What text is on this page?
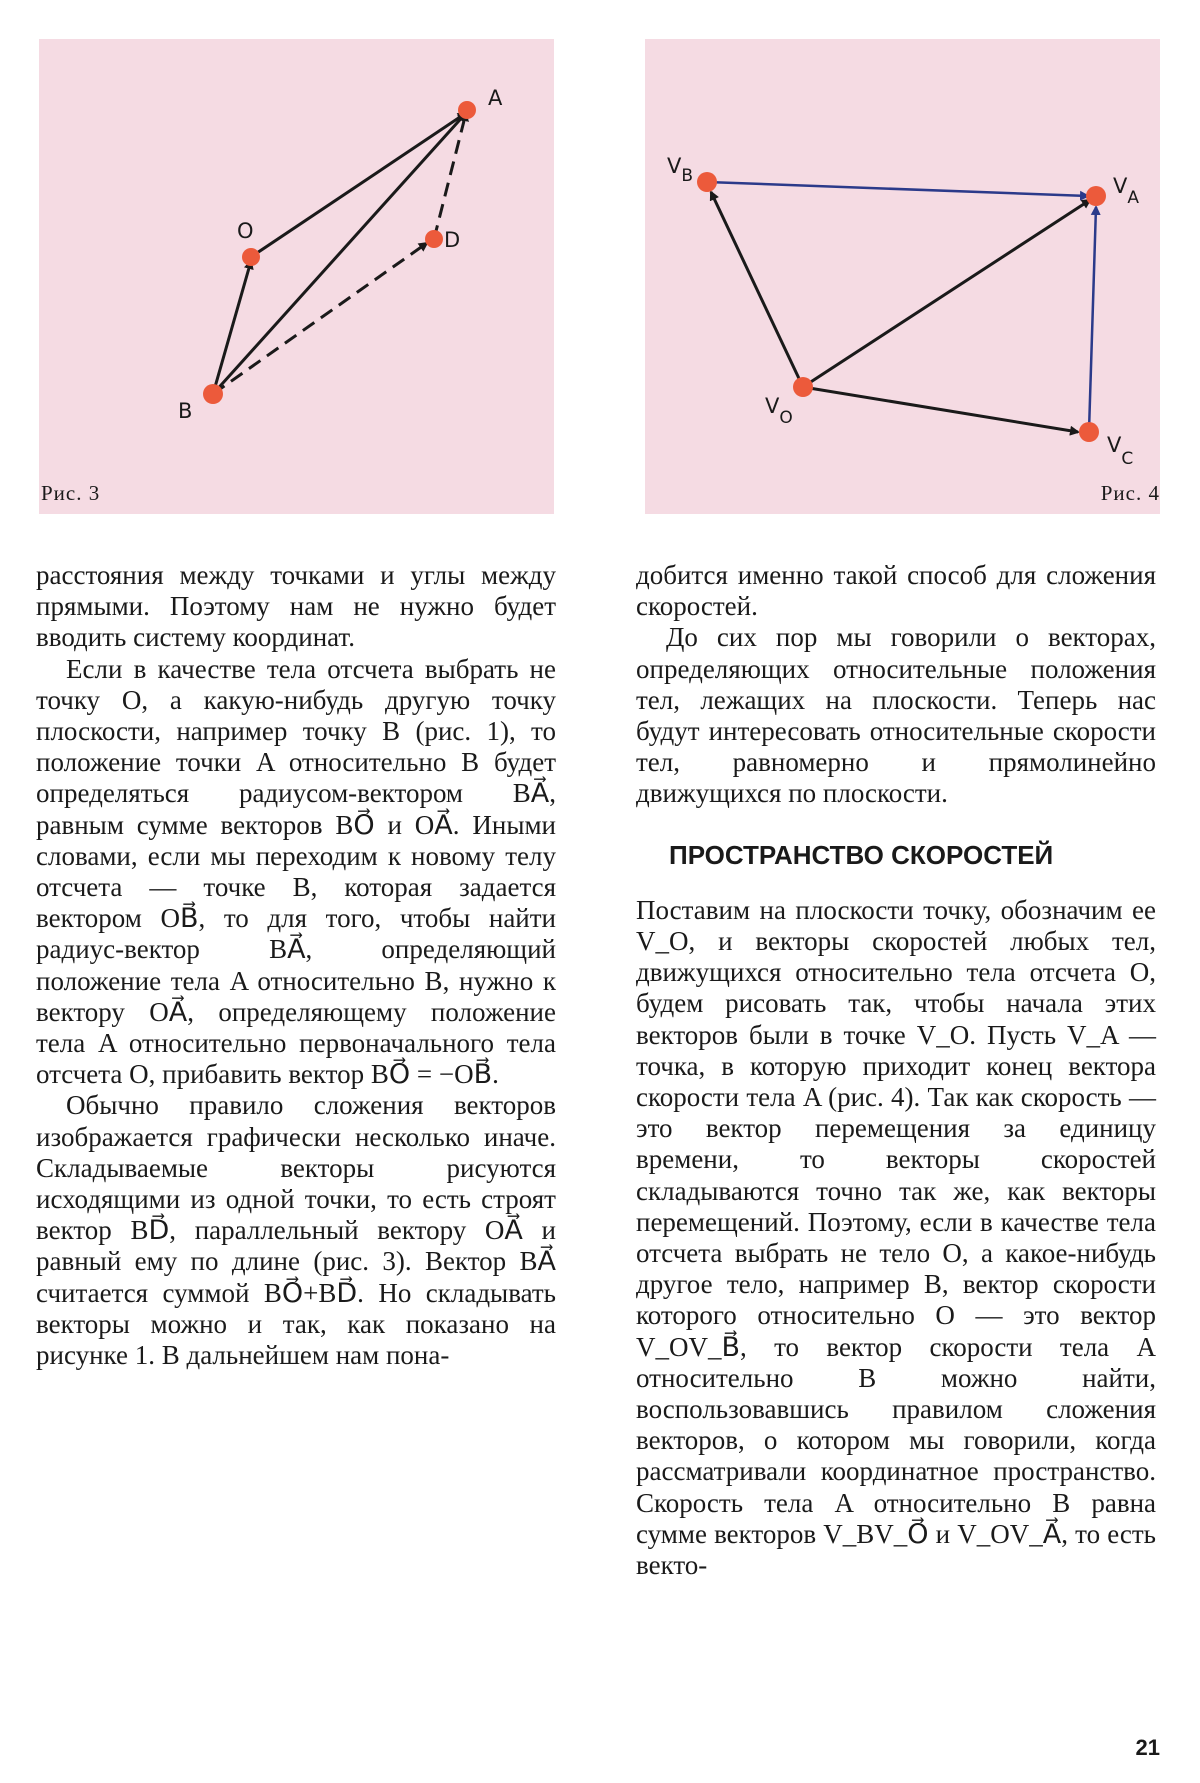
A
O	D
B
Рис. 3
$V_B$	$V_A$
$V_O$
$V_C$
Рис. 4

расстояния между точками и углы между прямыми. Поэтому нам не нужно будет вводить систему координат.

Если в качестве тела отсчета выбрать не точку O, а какую-нибудь другую точку плоскости, например точку B (рис. 1), то положение точки A относительно B будет определяться радиусом-вектором BA⃗, равным сумме векторов BO⃗ и OA⃗. Иными словами, если мы переходим к новому телу отсчета — точке B, которая задается вектором OB⃗, то для того, чтобы найти радиус-вектор BA⃗, определяющий положение тела A относительно B, нужно к вектору OA⃗, определяющему положение тела A относительно первоначального тела отсчета O, прибавить вектор BO⃗ = −OB⃗.

Обычно правило сложения векторов изображается графически несколько иначе. Складываемые векторы рисуются исходящими из одной точки, то есть строят вектор BD⃗, параллельный вектору OA⃗ и равный ему по длине (рис. 3). Вектор BA⃗ считается суммой BO⃗+BD⃗. Но складывать векторы можно и так, как показано на рисунке 1. В дальнейшем нам пона-

добится именно такой способ для сложения скоростей.

До сих пор мы говорили о векторах, определяющих относительные положения тел, лежащих на плоскости. Теперь нас будут интересовать относительные скорости тел, равномерно и прямолинейно движущихся по плоскости.

ПРОСТРАНСТВО СКОРОСТЕЙ

Поставим на плоскости точку, обозначим ее V_O, и векторы скоростей любых тел, движущихся относительно тела отсчета O, будем рисовать так, чтобы начала этих векторов были в точке V_O. Пусть V_A — точка, в которую приходит конец вектора скорости тела A (рис. 4). Так как скорость — это вектор перемещения за единицу времени, то векторы скоростей складываются точно так же, как векторы перемещений. Поэтому, если в качестве тела отсчета выбрать не тело O, а какое-нибудь другое тело, например B, вектор скорости которого относительно O — это вектор V_OV_B⃗, то вектор скорости тела A относительно B можно найти, воспользовавшись правилом сложения векторов, о котором мы говорили, когда рассматривали координатное пространство. Скорость тела A относительно B равна сумме векторов V_BV_O⃗ и V_OV_A⃗, то есть векто-

21
